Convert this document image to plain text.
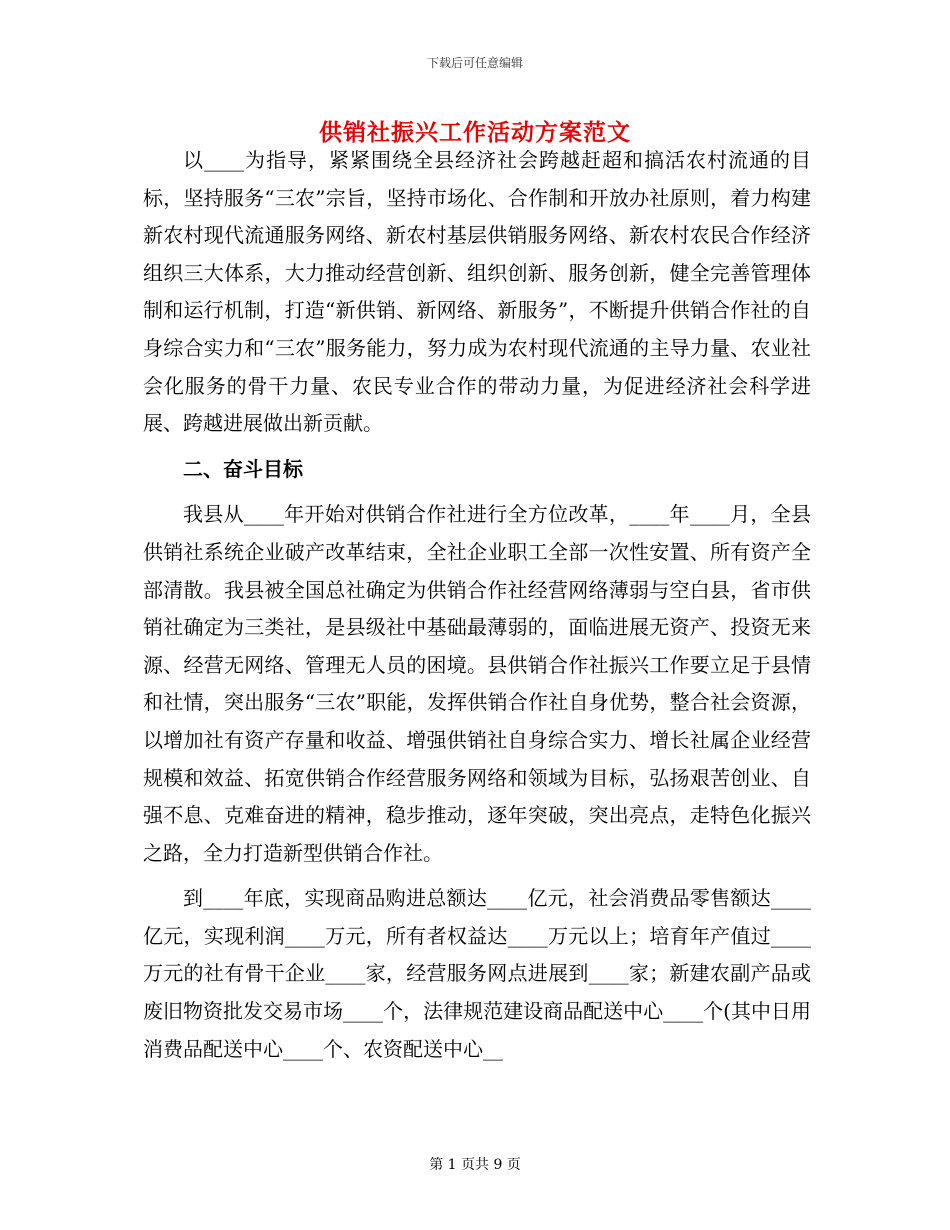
下载后可任意编辑
供销社振兴工作活动方案范文

以____为指导，紧紧围绕全县经济社会跨越赶超和搞活农村流通的目标，坚持服务“三农”宗旨，坚持市场化、合作制和开放办社原则，着力构建新农村现代流通服务网络、新农村基层供销服务网络、新农村农民合作经济组织三大体系，大力推动经营创新、组织创新、服务创新，健全完善管理体制和运行机制，打造“新供销、新网络、新服务”，不断提升供销合作社的自身综合实力和“三农”服务能力，努力成为农村现代流通的主导力量、农业社会化服务的骨干力量、农民专业合作的带动力量，为促进经济社会科学进展、跨越进展做出新贡献。

二、奋斗目标

我县从____年开始对供销合作社进行全方位改革，____年____月，全县供销社系统企业破产改革结束，全社企业职工全部一次性安置、所有资产全部清散。我县被全国总社确定为供销合作社经营网络薄弱与空白县，省市供销社确定为三类社，是县级社中基础最薄弱的，面临进展无资产、投资无来源、经营无网络、管理无人员的困境。县供销合作社振兴工作要立足于县情和社情，突出服务“三农”职能，发挥供销合作社自身优势，整合社会资源，以增加社有资产存量和收益、增强供销社自身综合实力、增长社属企业经营规模和效益、拓宽供销合作经营服务网络和领域为目标，弘扬艰苦创业、自强不息、克难奋进的精神，稳步推动，逐年突破，突出亮点，走特色化振兴之路，全力打造新型供销合作社。

到____年底，实现商品购进总额达____亿元，社会消费品零售额达____亿元，实现利润____万元，所有者权益达____万元以上；培育年产值过____万元的社有骨干企业____家，经营服务网点进展到____家；新建农副产品或废旧物资批发交易市场____个，法律规范建设商品配送中心____个(其中日用消费品配送中心____个、农资配送中心__

第 1 页共 9 页
